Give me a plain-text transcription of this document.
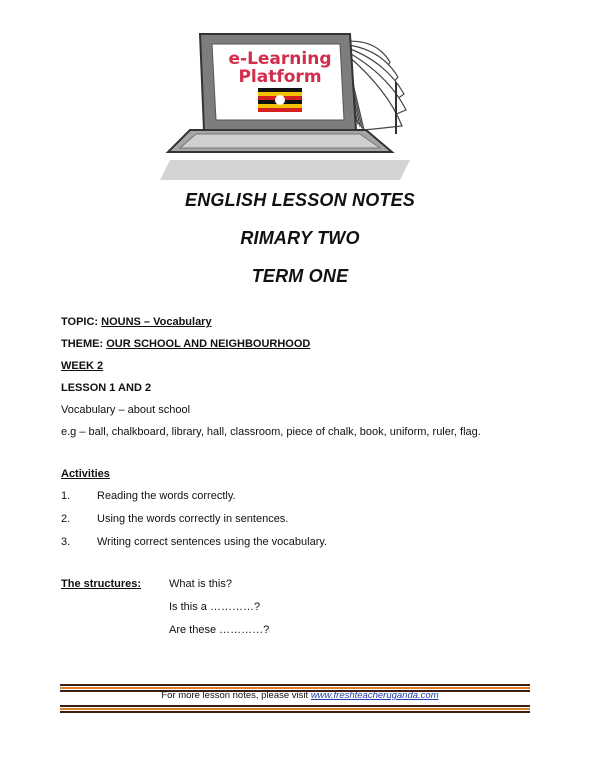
e-Learning
Platform
ENGLISH LESSON NOTES
RIMARY TWO
TERM ONE
TOPIC: NOUNS – Vocabulary
THEME: OUR SCHOOL AND NEIGHBOURHOOD
WEEK 2
LESSON 1 AND 2
Vocabulary – about school
e.g – ball, chalkboard, library, hall, classroom, piece of chalk, book, uniform, ruler, flag.
Activities
1. Reading the words correctly.
2. Using the words correctly in sentences.
3. Writing correct sentences using the vocabulary.
The structures:	What is this?
Is this a …………?
Are these …………?
For more lesson notes, please visit www.freshteacheruganda.com
